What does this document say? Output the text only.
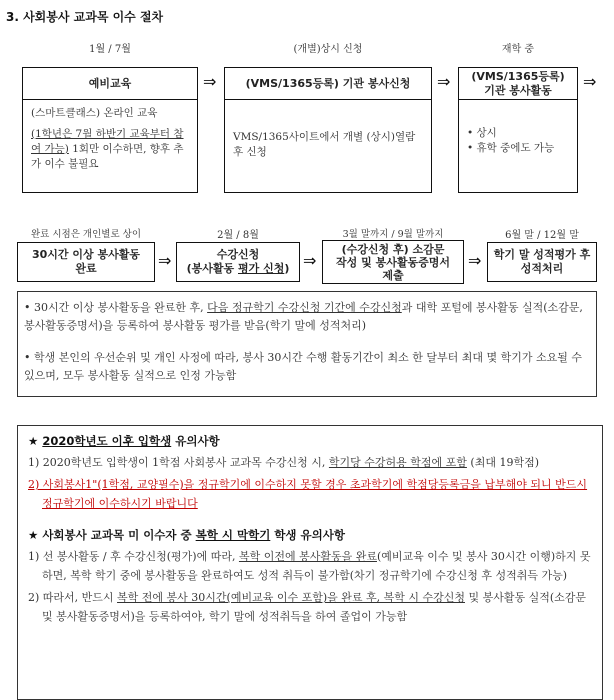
3. 사회봉사 교과목 이수 절차
1월 / 7월	(개별)상시 신청	재학 중
예비교육

(스마트클래스) 온라인 교육

(1학년은 7월 하반기 교육부터 참여 가능) 1회만 이수하면, 향후 추가 이수 불필요

⇒	(VMS/1365등록) 기관 봉사신청
VMS/1365사이트에서 개별 (상시)열람 후 신청
⇒ (VMS/1365등록)
기관 봉사활동
• 상시
• 휴학 중에도 가능
⇒
완료 시점은 개인별로 상이	2월 / 8월	3월 말까지 / 9월 말까지	6월 말 / 12월 말
30시간 이상 봉사활동
완료	⇒	수강신청
(봉사활동 평가 신청) ⇒
(수강신청 후) 소감문
작성 및 봉사활동증명서
제출
⇒ 학기 말 성적평가 후
성적처리

• 30시간 이상 봉사활동을 완료한 후, 다음 정규학기 수강신청 기간에 수강신청과 대학 포털에 봉사활동 실적(소감문, 봉사활동증명서)을 등록하여 봉사활동 평가를 받음(학기 말에 성적처리)

• 학생 본인의 우선순위 및 개인 사정에 따라, 봉사 30시간 수행 활동기간이 최소 한 달부터 최대 몇 학기가 소요될 수 있으며, 모두 봉사활동 실적으로 인정 가능함

★ 2020학년도 이후 입학생 유의사항
1) 2020학년도 입학생이 1학점 사회봉사 교과목 수강신청 시, 학기당 수강허용 학점에 포함 (최대 19학점)
2) 사회봉사1"(1학점, 교양필수)을 정규학기에 이수하지 못할 경우 초과학기에 학점당등록금을 납부해야 되니 반드시 정규학기에 이수하시기 바랍니다
★ 사회봉사 교과목 미 이수자 중 복학 시 막학기 학생 유의사항
1) 선 봉사활동 / 후 수강신청(평가)에 따라, 복학 이전에 봉사활동을 완료(예비교육 이수 및 봉사 30시간 이행)하지 못하면, 복학 학기 중에 봉사활동을 완료하여도 성적 취득이 불가함(차기 정규학기에 수강신청 후 성적취득 가능)
2) 따라서, 반드시 복학 전에 봉사 30시간(예비교육 이수 포함)을 완료 후, 복학 시 수강신청 및 봉사활동 실적(소감문 및 봉사활동증명서)을 등록하여야, 학기 말에 성적취득을 하여 졸업이 가능함
